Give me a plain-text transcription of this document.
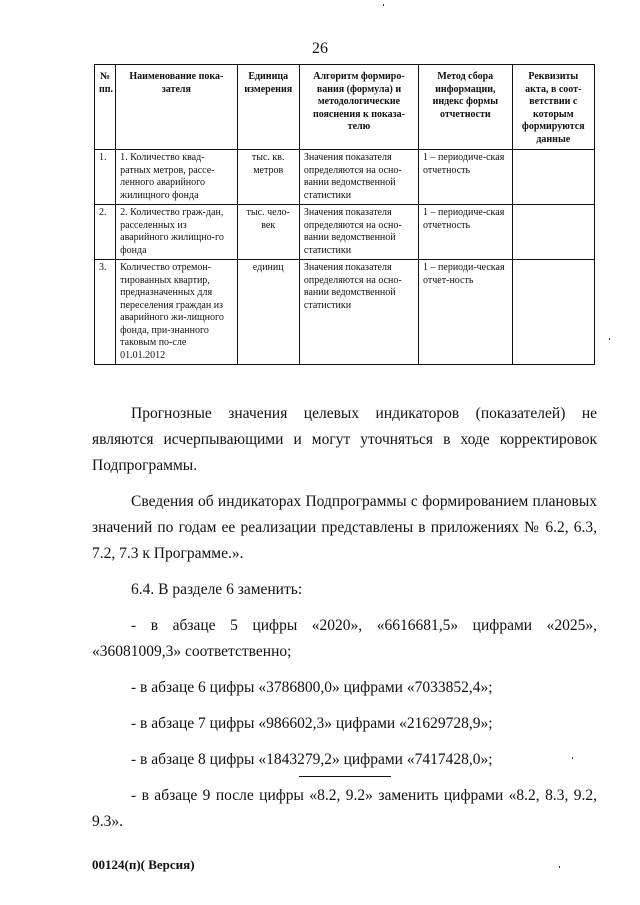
26
№ пп.	Наименование пока-зателя	Единица измерения	Алгоритм формиро-вания (формула) и методологические пояснения к показа-телю	Метод сбора информации, индекс формы отчетности	Реквизиты акта, в соот-ветствии с которым формируются данные
1.	1. Количество квад-ратных метров, рассе-ленного аварийного жилищного фонда	тыс. кв. метров	Значения показателя определяются на осно-вании ведомственной статистики	1 – периодиче-ская отчетность	
2.	2. Количество граж-дан, расселенных из аварийного жилищно-го фонда	тыс. чело-век	Значения показателя определяются на осно-вании ведомственной статистики	1 – периодиче-ская отчетность	
3.	Количество отремон-тированных квартир, предназначенных для переселения граждан из аварийного жи-лищного фонда, при-знанного таковым по-сле 01.01.2012	единиц	Значения показателя определяются на осно-вании ведомственной статистики	1 – периоди-ческая отчет-ность	

Прогнозные значения целевых индикаторов (показателей) не являются исчерпывающими и могут уточняться в ходе корректировок Подпрограммы.

Сведения об индикаторах Подпрограммы с формированием плановых значений по годам ее реализации представлены в приложениях № 6.2, 6.3, 7.2, 7.3 к Программе.».

6.4. В разделе 6 заменить:

- в абзаце 5 цифры «2020», «6616681,5» цифрами «2025», «36081009,3» соответственно;

- в абзаце 6 цифры «3786800,0» цифрами «7033852,4»;

- в абзаце 7 цифры «986602,3» цифрами «21629728,9»;

- в абзаце 8 цифры «1843279,2» цифрами «7417428,0»;

- в абзаце 9 после цифры «8.2, 9.2» заменить цифрами «8.2, 8.3, 9.2, 9.3».

00124(п)( Версия)
